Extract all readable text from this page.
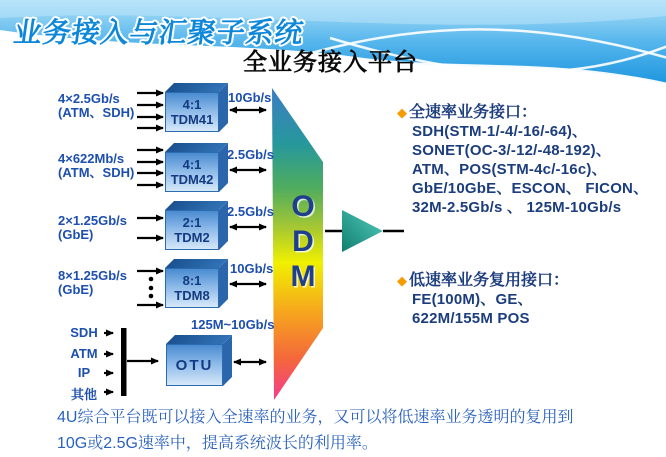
业务接入与汇聚子系统
全业务接入平台
O
D
M
4×2.5Gb/s
(ATM、SDH)
4×622Mb/s
(ATM、SDH)
2×1.25Gb/s
(GbE)
8×1.25Gb/s
(GbE)
SDH
ATM
IP
其他
4:1
TDM41
4:1
TDM42
2:1
TDM2
8:1
TDM8
OTU
10Gb/s
2.5Gb/s
2.5Gb/s
10Gb/s
125M~10Gb/s
◆ 全速率业务接口：
SDH(STM-1/-4/-16/-64)、
SONET(OC-3/-12/-48-192)、
ATM、POS(STM-4c/-16c)、
GbE/10GbE、ESCON、 FICON、
32M-2.5Gb/s 、 125M-10Gb/s
◆ 低速率业务复用接口：
FE(100M)、GE、
622M/155M POS
4U综合平台既可以接入全速率的业务，又可以将低速率业务透明的复用到
10G或2.5G速率中，提高系统波长的利用率。
